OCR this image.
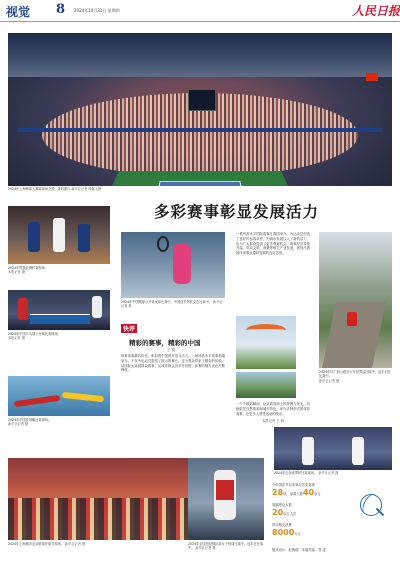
视觉 8 2024年10月31日 星期四	人民日报
2024年上海网球大师赛赛场全景。资料照片 新华社记者 徐翼飞摄
多彩赛事彰显发展活力
2024年男篮亚洲杯赛现场。
本报记者 摄
2024年中国乒乓球公开赛比赛现场。
本报记者 摄
2024年中国皮划艇比赛现场。
新华社记者 摄
2024年中国网球公开赛女单比赛中，中国选手郑钦文在比赛中。 新华社记者 摄
快评
精彩的赛事，精彩的中国
王 刚
体育赛事精彩纷呈，彰显着中国的开放与活力。一场场高水平赛事相继举办，不仅为运动员提供了展示的舞台，也为观众带来了精彩的体验。从国际大赛到群众赛事，从城市街头到乡村田野，体育的魅力正在不断释放。
一系列高水平国际赛事在我国举办，为运动员创造了良好的参赛条件，为城市发展注入了新的活力，也为广大群众提供了更多观赛机会。赛事经济持续升温，带动文旅、消费等相关产业发展，展现出我国体育事业蓬勃发展的良好态势。
一个个精彩瞬间，记录着赛场上的拼搏与荣光。各地依托自然资源和城市特色，举办多种形式的体育赛事，让更多人感受运动的快乐。
本报记者 王 萌
2024年环广西公路自行车世界巡回赛中，选手们在比赛中。
新华社记者 摄
2024年击剑世界杯比赛现场。 新华社记者 摄
2024年上海城市业余联赛开幕式现场。 新华社记者 摄	2024年全国田径锦标赛女子铅球比赛中，选手在比赛中。 新华社记者 摄
今年国庆节以来举办各类赛事
28项，参赛人数40余万
赛事观众人数
20余万人次
带动相关消费
8000万元
版式设计：赵博瑞　 本版责编：郑 雯
